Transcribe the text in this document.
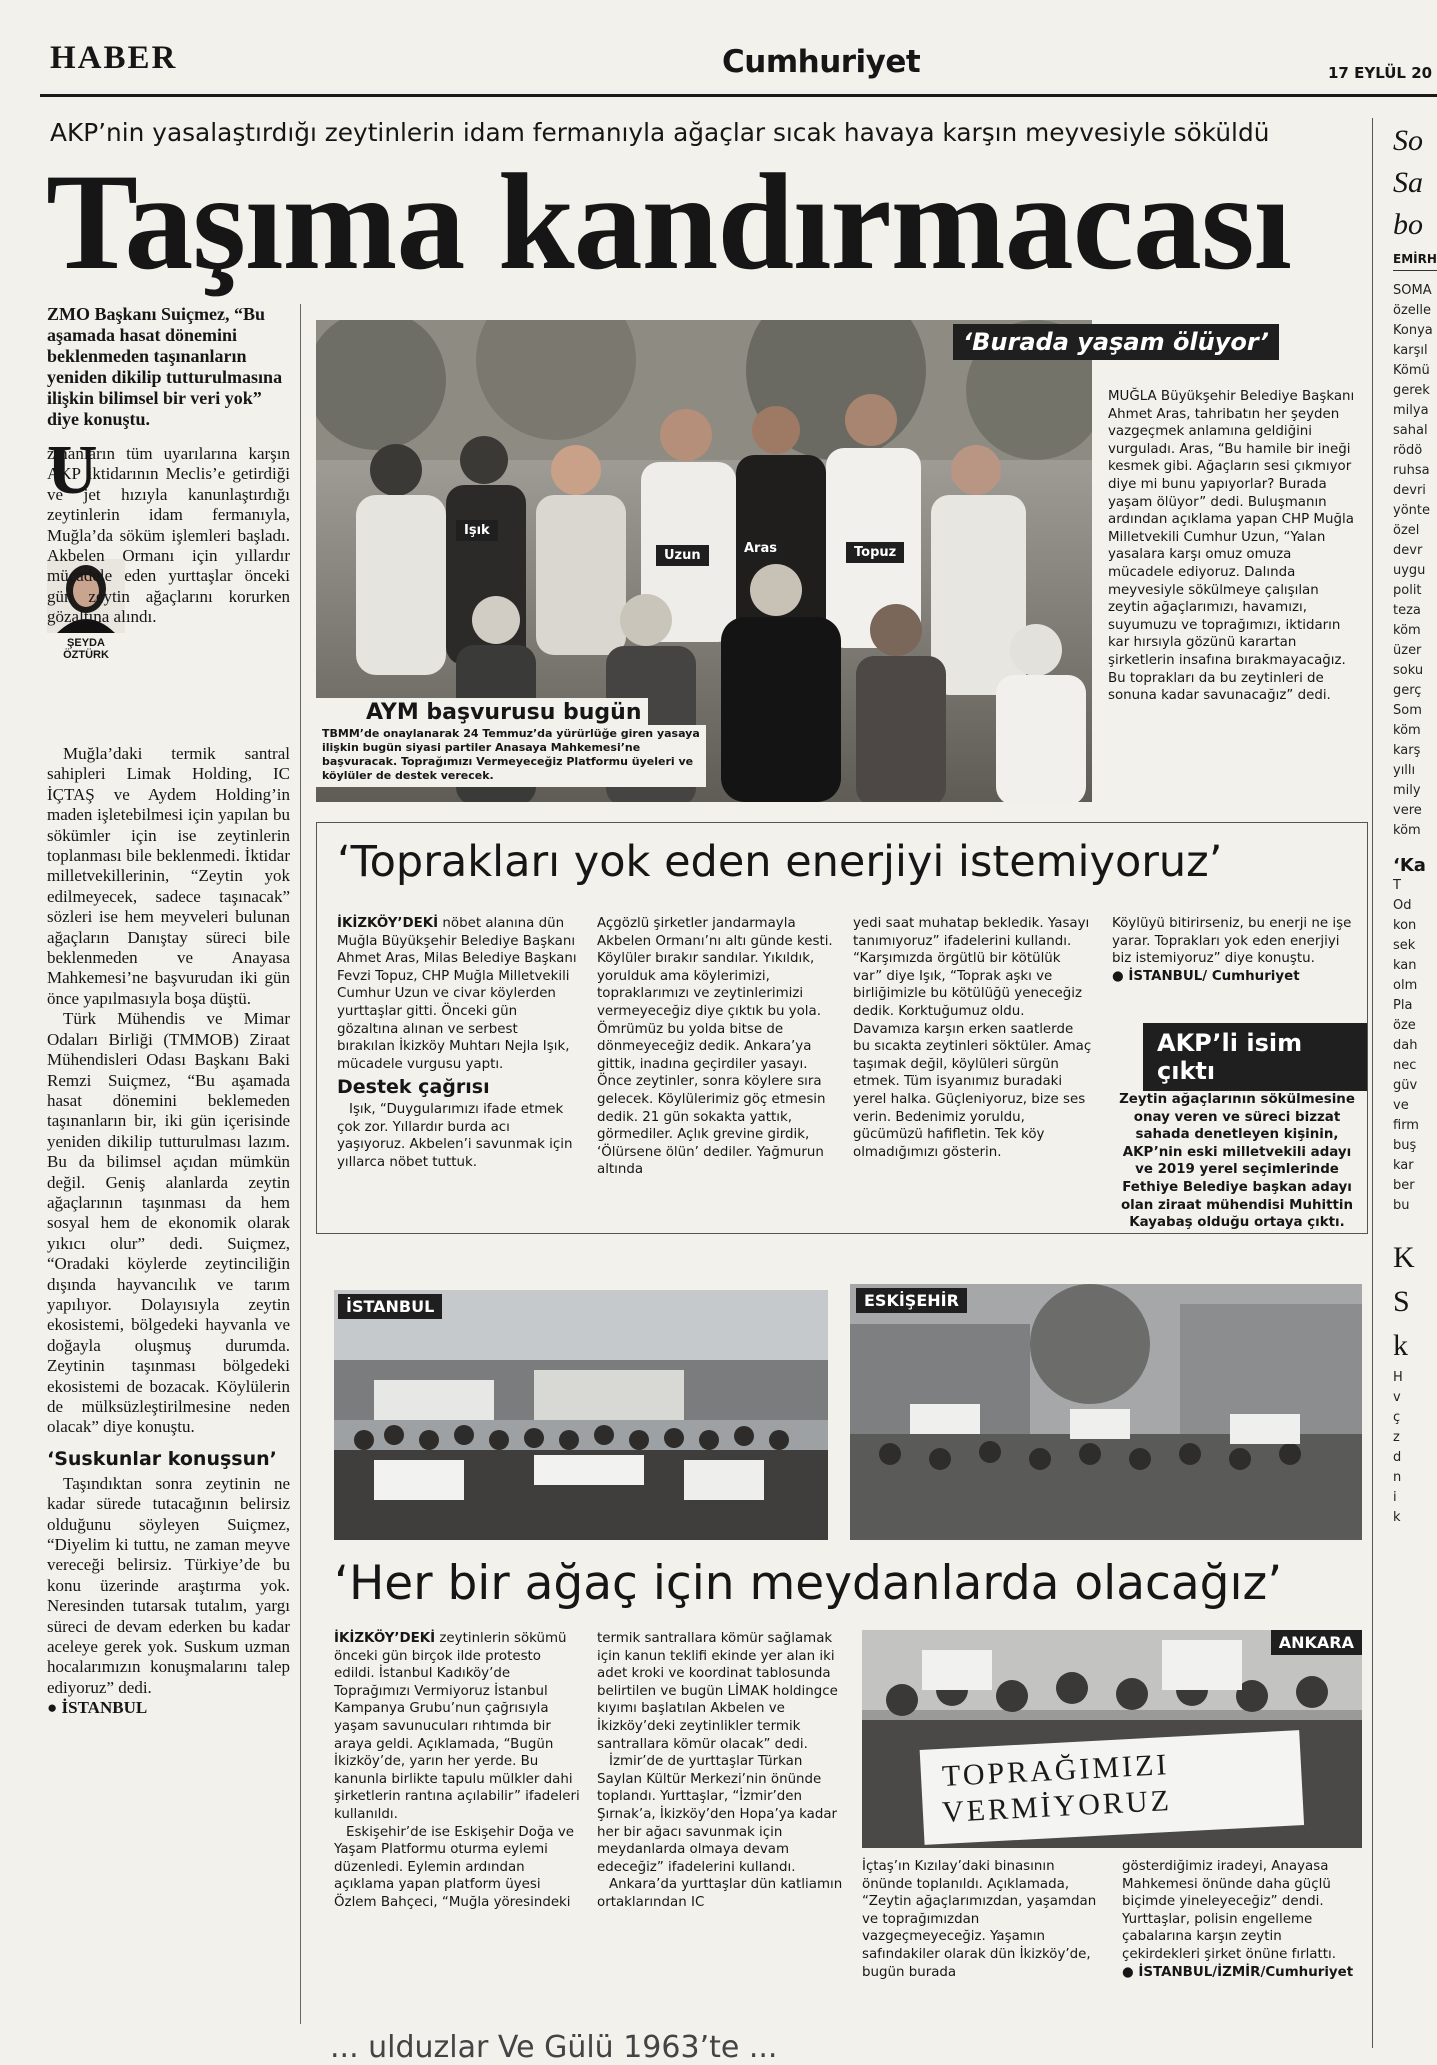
HABER	Cumhuriyet	17 EYLÜL 20
AKP’nin yasalaştırdığı zeytinlerin idam fermanıyla ağaçlar sıcak havaya karşın meyvesiyle söküldü
Taşıma kandırmacası

ZMO Başkanı Suiçmez, “Bu aşamada hasat dönemini beklenmeden taşınanların yeniden dikilip tutturulmasına ilişkin bilimsel bir veri yok” diye konuştu.

U
ŞEYDA
ÖZTÜRK

zmanların tüm uyarılarına karşın AKP iktidarının Meclis’e getirdiği ve jet hızıyla kanunlaştırdığı zeytinlerin idam fermanıyla, Muğla’da söküm işlemleri başladı. Akbelen Ormanı için yıllardır mücadele eden yurttaşlar önceki gün zeytin ağaçlarını korurken gözaltına alındı.

Muğla’daki termik santral sahipleri Limak Holding, IC İÇTAŞ ve Aydem Holding’in maden işletebilmesi için yapılan bu sökümler için ise zeytinlerin toplanması bile beklenmedi. İktidar milletvekillerinin, “Zeytin yok edilmeyecek, sadece taşınacak” sözleri ise hem meyveleri bulunan ağaçların Danıştay süreci bile beklenmeden ve Anayasa Mahkemesi’ne başvurudan iki gün önce yapılmasıyla boşa düştü.

Türk Mühendis ve Mimar Odaları Birliği (TMMOB) Ziraat Mühendisleri Odası Başkanı Baki Remzi Suiçmez, “Bu aşamada hasat dönemini beklemeden taşınanların bir, iki gün içerisinde yeniden dikilip tutturulması lazım. Bu da bilimsel açıdan mümkün değil. Geniş alanlarda zeytin ağaçlarının taşınması da hem sosyal hem de ekonomik olarak yıkıcı olur” dedi. Suiçmez, “Oradaki köylerde zeytinciliğin dışında hayvancılık ve tarım yapılıyor. Dolayısıyla zeytin ekosistemi, bölgedeki hayvanla ve doğayla oluşmuş durumda. Zeytinin taşınması bölgedeki ekosistemi de bozacak. Köylülerin de mülksüzleştirilmesine neden olacak” diye konuştu.

‘Suskunlar konuşsun’

Taşındıktan sonra zeytinin ne kadar sürede tutacağının belirsiz olduğunu söyleyen Suiçmez, “Diyelim ki tuttu, ne zaman meyve vereceği belirsiz. Türkiye’de bu konu üzerinde araştırma yok. Neresinden tutarsak tutalım, yargı süreci de devam ederken bu kadar aceleye gerek yok. Suskum uzman hocalarımızın konuşmalarını talep ediyoruz” dedi.

● İSTANBUL

Işık
Uzun	Aras	Topuz
AYM başvurusu bugün
TBMM’de onaylanarak 24 Temmuz’da yürürlüğe giren yasaya ilişkin bugün siyasi partiler Anasaya Mahkemesi’ne başvuracak. Toprağımızı Vermeyeceğiz Platformu üyeleri ve köylüler de destek verecek.
‘Burada yaşam ölüyor’

MUĞLA Büyükşehir Belediye Başkanı Ahmet Aras, tahribatın her şeyden vazgeçmek anlamına geldiğini vurguladı. Aras, “Bu hamile bir ineği kesmek gibi. Ağaçların sesi çıkmıyor diye mi bunu yapıyorlar? Burada yaşam ölüyor” dedi. Buluşmanın ardından açıklama yapan CHP Muğla Milletvekili Cumhur Uzun, “Yalan yasalara karşı omuz omuza mücadele ediyoruz. Dalında meyvesiyle sökülmeye çalışılan zeytin ağaçlarımızı, havamızı, suyumuzu ve toprağımızı, iktidarın kar hırsıyla gözünü karartan şirketlerin insafına bırakmayacağız. Bu toprakları da bu zeytinleri de sonuna kadar savunacağız” dedi.

‘Toprakları yok eden enerjiyi istemiyoruz’

İKİZKÖY’DEKİ nöbet alanına dün Muğla Büyükşehir Belediye Başkanı Ahmet Aras, Milas Belediye Başkanı Fevzi Topuz, CHP Muğla Milletvekili Cumhur Uzun ve civar köylerden yurttaşlar gitti. Önceki gün gözaltına alınan ve serbest bırakılan İkizköy Muhtarı Nejla Işık, mücadele vurgusu yaptı.

Destek çağrısı

Işık, “Duygularımızı ifade etmek çok zor. Yıllardır burda acı yaşıyoruz. Akbelen’i savunmak için yıllarca nöbet tuttuk.

Açgözlü şirketler jandarmayla Akbelen Ormanı’nı altı günde kesti. Köylüler bırakır sandılar. Yıkıldık, yorulduk ama köylerimizi, topraklarımızı ve zeytinlerimizi vermeyeceğiz diye çıktık bu yola. Ömrümüz bu yolda bitse de dönmeyeceğiz dedik. Ankara’ya gittik, inadına geçirdiler yasayı. Önce zeytinler, sonra köylere sıra gelecek. Köylülerimiz göç etmesin dedik. 21 gün sokakta yattık, görmediler. Açlık grevine girdik, ‘Ölürsene ölün’ dediler. Yağmurun altında

yedi saat muhatap bekledik. Yasayı tanımıyoruz” ifadelerini kullandı. “Karşımızda örgütlü bir kötülük var” diye Işık, “Toprak aşkı ve birliğimizle bu kötülüğü yeneceğiz dedik. Korktuğumuz oldu. Davamıza karşın erken saatlerde bu sıcakta zeytinleri söktüler. Amaç taşımak değil, köylüleri sürgün etmek. Tüm isyanımız buradaki yerel halka. Güçleniyoruz, bize ses verin. Bedenimiz yoruldu, gücümüzü hafifletin. Tek köy olmadığımızı gösterin.

Köylüyü bitirirseniz, bu enerji ne işe yarar. Toprakları yok eden enerjiyi biz istemiyoruz” diye konuştu.

● İSTANBUL/ Cumhuriyet

AKP’li isim çıktı

Zeytin ağaçlarının sökülmesine onay veren ve süreci bizzat sahada denetleyen kişinin, AKP’nin eski milletvekili adayı ve 2019 yerel seçimlerinde Fethiye Belediye başkan adayı olan ziraat mühendisi Muhittin Kayabaş olduğu ortaya çıktı.

İSTANBUL	ESKİŞEHİR
‘Her bir ağaç için meydanlarda olacağız’

İKİZKÖY’DEKİ zeytinlerin sökümü önceki gün birçok ilde protesto edildi. İstanbul Kadıköy’de Toprağımızı Vermiyoruz İstanbul Kampanya Grubu’nun çağrısıyla yaşam savunucuları rıhtımda bir araya geldi. Açıklamada, “Bugün İkizköy’de, yarın her yerde. Bu kanunla birlikte tapulu mülkler dahi şirketlerin rantına açılabilir” ifadeleri kullanıldı.

Eskişehir’de ise Eskişehir Doğa ve Yaşam Platformu oturma eylemi düzenledi. Eylemin ardından açıklama yapan platform üyesi Özlem Bahçeci, “Muğla yöresindeki

termik santrallara kömür sağlamak için kanun teklifi ekinde yer alan iki adet kroki ve koordinat tablosunda belirtilen ve bugün LİMAK holdingce kıyımı başlatılan Akbelen ve İkizköy’deki zeytinlikler termik santrallara kömür olacak” dedi.

İzmir’de de yurttaşlar Türkan Saylan Kültür Merkezi’nin önünde toplandı. Yurttaşlar, “İzmir’den Şırnak’a, İkizköy’den Hopa’ya kadar her bir ağacı savunmak için meydanlarda olmaya devam edeceğiz” ifadelerini kullandı.

Ankara’da yurttaşlar dün katliamın ortaklarından IC

ANKARA
TOPRAĞIMIZI
VERMİYORUZ

İçtaş’ın Kızılay’daki binasının önünde toplanıldı. Açıklamada, “Zeytin ağaçlarımızdan, yaşamdan ve toprağımızdan vazgeçmeyeceğiz. Yaşamın safındakiler olarak dün İkizköy’de, bugün burada

gösterdiğimiz iradeyi, Anayasa Mahkemesi önünde daha güçlü biçimde yineleyeceğiz” dendi. Yurttaşlar, polisin engelleme çabalarına karşın zeytin çekirdekleri şirket önüne fırlattı.

● İSTANBUL/İZMİR/Cumhuriyet

So
Sa
bo
EMİRH
SOMA
özelle
Konya
karşıl
Kömü
gerek
milya
sahal
rödö
ruhsa
devri
yönte
özel
devr
uygu
polit
teza
köm
üzer
soku
gerç
Som
köm
karş
yıllı
mily
vere
köm
‘Ka
T
Od
kon
sek
kan
olm
Pla
öze
dah
nec
güv
ve
firm
buş
kar
ber
bu
K
S
k
H
v
ç
z
d
n
i
k
... ulduzlar Ve Gülü 1963’te ...
